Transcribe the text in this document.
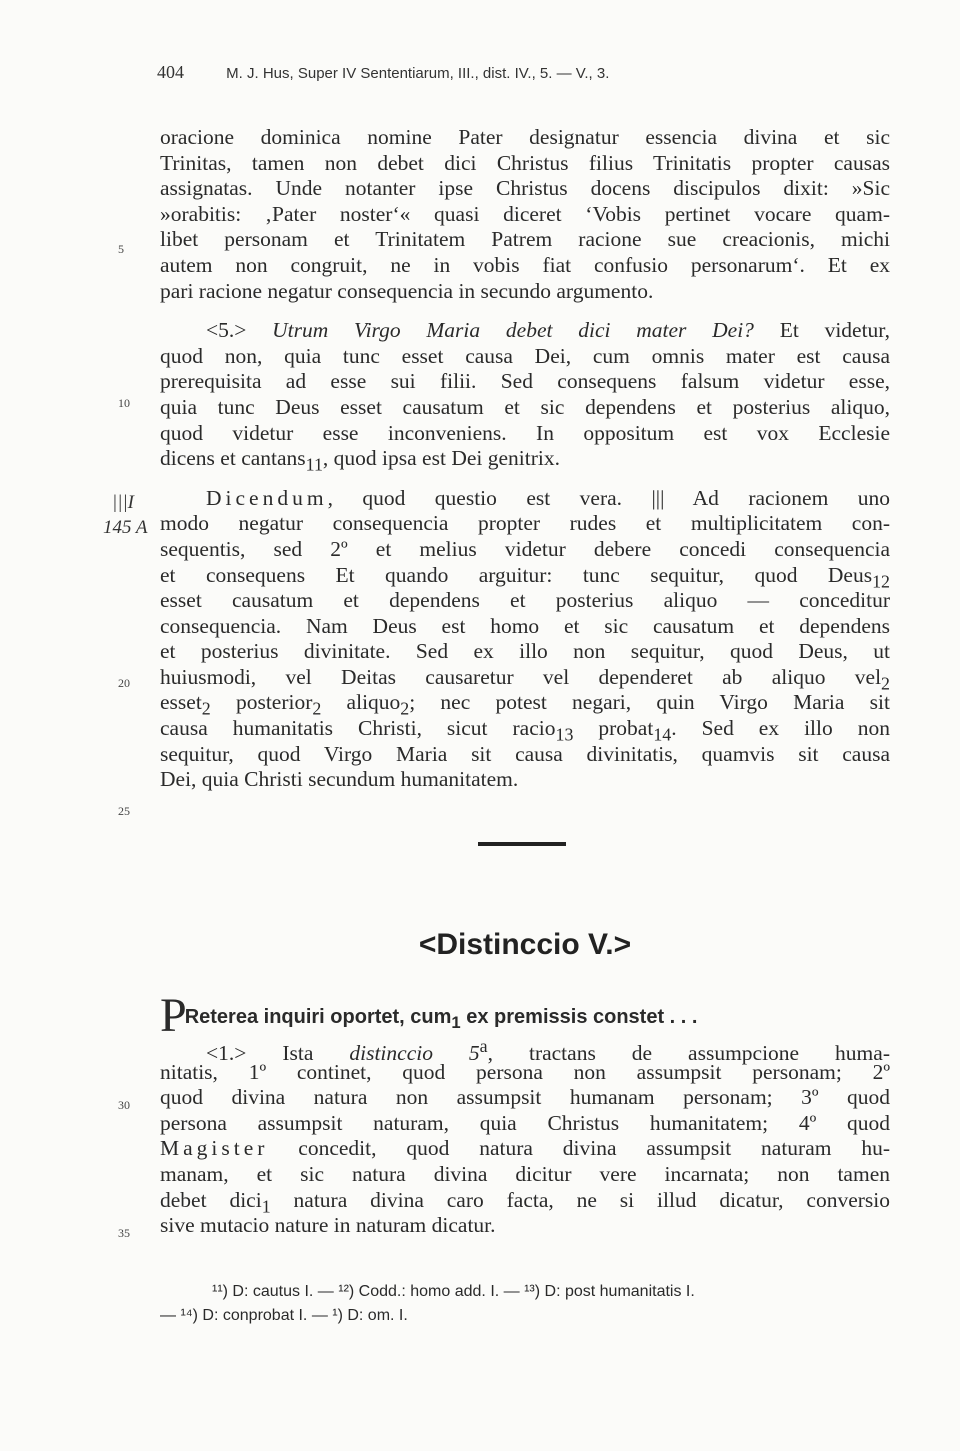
404	M. J. Hus, Super IV Sententiarum, III., dist. IV., 5. — V., 3.
oracione dominica nomine Pater designatur essencia divina et sic
Trinitas, tamen non debet dici Christus filius Trinitatis propter causas
assignatas. Unde notanter ipse Christus docens discipulos dixit: »Sic
»orabitis: ‚Pater noster‘« quasi diceret ‘Vobis pertinet vocare quam-
libet personam et Trinitatem Patrem racione sue creacionis, michi
autem non congruit, ne in vobis fiat confusio personarum‘. Et ex
pari racione negatur consequencia in secundo argumento.
<5.> Utrum Virgo Maria debet dici mater Dei? Et videtur,
quod non, quia tunc esset causa Dei, cum omnis mater est causa
prerequisita ad esse sui filii. Sed consequens falsum videtur esse,
quia tunc Deus esset causatum et sic dependens et posterius aliquo,
quod videtur esse inconveniens. In oppositum est vox Ecclesie
dicens et cantans$_{11}$, quod ipsa est Dei genitrix.
Dicendum, quod questio est vera. ||| Ad racionem uno
modo negatur consequencia propter rudes et multiplicitatem con-
sequentis, sed 2º et melius videtur debere concedi consequencia
et consequens Et quando arguitur: tunc sequitur, quod Deus$_{12}$
esset causatum et dependens et posterius aliquo — conceditur
consequencia. Nam Deus est homo et sic causatum et dependens
et posterius divinitate. Sed ex illo non sequitur, quod Deus, ut
huiusmodi, vel Deitas causaretur vel dependeret ab aliquo vel$_2$
esset$_2$ posterior$_2$ aliquo$_2$; nec potest negari, quin Virgo Maria sit
causa humanitatis Christi, sicut racio$_{13}$ probat$_{14}$. Sed ex illo non
sequitur, quod Virgo Maria sit causa divinitatis, quamvis sit causa
Dei, quia Christi secundum humanitatem.
5
10
20
25
30
35
|||I
145 A
<Distinccio V.>
PReterea inquiri oportet, cum$_1$ ex premissis constet . . .
<1.> Ista distinccio 5$^a$, tractans de assumpcione huma-
nitatis, 1º continet, quod persona non assumpsit personam; 2º
quod divina natura non assumpsit humanam personam; 3º quod
persona assumpsit naturam, quia Christus humanitatem; 4º quod
Magister concedit, quod natura divina assumpsit naturam hu-
manam, et sic natura divina dicitur vere incarnata; non tamen
debet dici$_1$ natura divina caro facta, ne si illud dicatur, conversio
sive mutacio nature in naturam dicatur.
¹¹) D: cautus I. — ¹²) Codd.: homo add. I. — ¹³) D: post humanitatis I.
— ¹⁴) D: conprobat I. — ¹) D: om. I.
